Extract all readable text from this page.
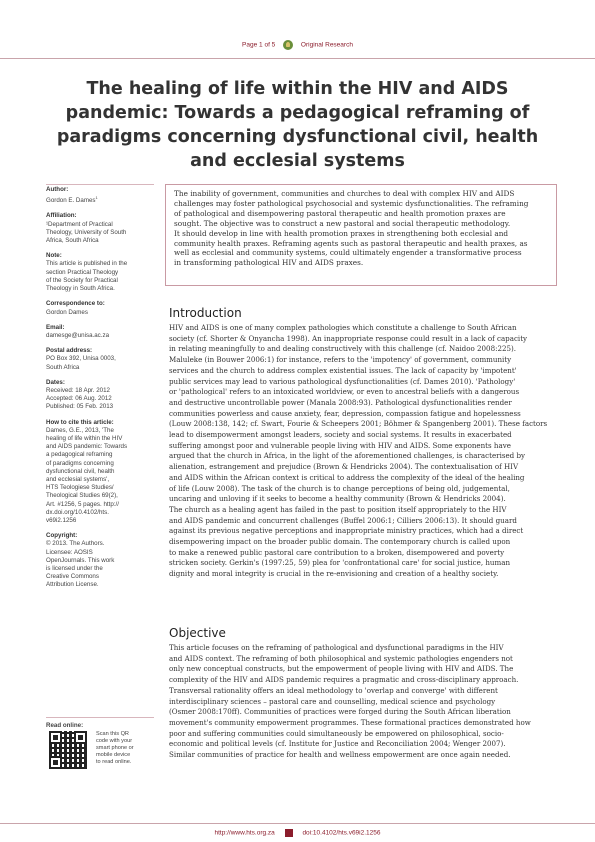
Page 1 of 5	Original Research
The healing of life within the HIV and AIDS pandemic: Towards a pedagogical reframing of paradigms concerning dysfunctional civil, health and ecclesial systems
Author:
Gordon E. Dames$^1$
Affiliation:
¹Department of Practical
Theology, University of South
Africa, South Africa
Note:
This article is published in the
section Practical Theology
of the Society for Practical
Theology in South Africa.
Correspondence to:
Gordon Dames
Email:
damesge@unisa.ac.za
Postal address:
PO Box 392, Unisa 0003,
South Africa
Dates:
Received: 18 Apr. 2012
Accepted: 06 Aug. 2012
Published: 05 Feb. 2013
How to cite this article:
Dames, G.E., 2013, 'The
healing of life within the HIV
and AIDS pandemic: Towards
a pedagogical reframing
of paradigms concerning
dysfunctional civil, health
and ecclesial systems',
HTS Teologiese Studies/
Theological Studies 69(2),
Art. #1256, 5 pages. http://
dx.doi.org/10.4102/hts.
v69i2.1256
Copyright:
© 2013. The Authors.
Licensee: AOSIS
OpenJournals. This work
is licensed under the
Creative Commons
Attribution License.
Read online:
Scan this QR
code with your
smart phone or
mobile device
to read online.
The inability of government, communities and churches to deal with complex HIV and AIDS
challenges may foster pathological psychosocial and systemic dysfunctionalities. The reframing
of pathological and disempowering pastoral therapeutic and health promotion praxes are
sought. The objective was to construct a new pastoral and social therapeutic methodology.
It should develop in line with health promotion praxes in strengthening both ecclesial and
community health praxes. Reframing agents such as pastoral therapeutic and health praxes, as
well as ecclesial and community systems, could ultimately engender a transformative process
in transforming pathological HIV and AIDS praxes.
Introduction
HIV and AIDS is one of many complex pathologies which constitute a challenge to South African
society (cf. Shorter & Onyancha 1998). An inappropriate response could result in a lack of capacity
in relating meaningfully to and dealing constructively with this challenge (cf. Naidoo 2008:225).
Maluleke (in Bouwer 2006:1) for instance, refers to the 'impotency' of government, community
services and the church to address complex existential issues. The lack of capacity by 'impotent'
public services may lead to various pathological dysfunctionalities (cf. Dames 2010). 'Pathology'
or 'pathological' refers to an intoxicated worldview, or even to ancestral beliefs with a dangerous
and destructive uncontrollable power (Manala 2008:93). Pathological dysfunctionalities render
communities powerless and cause anxiety, fear, depression, compassion fatigue and hopelessness
(Louw 2008:138, 142; cf. Swart, Fourie & Scheepers 2001; Böhmer & Spangenberg 2001). These factors
lead to disempowerment amongst leaders, society and social systems. It results in exacerbated
suffering amongst poor and vulnerable people living with HIV and AIDS. Some exponents have
argued that the church in Africa, in the light of the aforementioned challenges, is characterised by
alienation, estrangement and prejudice (Brown & Hendricks 2004). The contextualisation of HIV
and AIDS within the African context is critical to address the complexity of the ideal of the healing
of life (Louw 2008). The task of the church is to change perceptions of being old, judgemental,
uncaring and unloving if it seeks to become a healthy community (Brown & Hendricks 2004).
The church as a healing agent has failed in the past to position itself appropriately to the HIV
and AIDS pandemic and concurrent challenges (Buffel 2006:1; Cilliers 2006:13). It should guard
against its previous negative perceptions and inappropriate ministry practices, which had a direct
disempowering impact on the broader public domain. The contemporary church is called upon
to make a renewed public pastoral care contribution to a broken, disempowered and poverty
stricken society. Gerkin's (1997:25, 59) plea for 'confrontational care' for social justice, human
dignity and moral integrity is crucial in the re-envisioning and creation of a healthy society.
Objective
This article focuses on the reframing of pathological and dysfunctional paradigms in the HIV
and AIDS context. The reframing of both philosophical and systemic pathologies engenders not
only new conceptual constructs, but the empowerment of people living with HIV and AIDS. The
complexity of the HIV and AIDS pandemic requires a pragmatic and cross-disciplinary approach.
Transversal rationality offers an ideal methodology to 'overlap and converge' with different
interdisciplinary sciences – pastoral care and counselling, medical science and psychology
(Osmer 2008:170ff). Communities of practices were forged during the South African liberation
movement's community empowerment programmes. These formational practices demonstrated how
poor and suffering communities could simultaneously be empowered on philosophical, socio-
economic and political levels (cf. Institute for Justice and Reconciliation 2004; Wenger 2007).
Similar communities of practice for health and wellness empowerment are once again needed.
http://www.hts.org.za	doi:10.4102/hts.v69i2.1256
